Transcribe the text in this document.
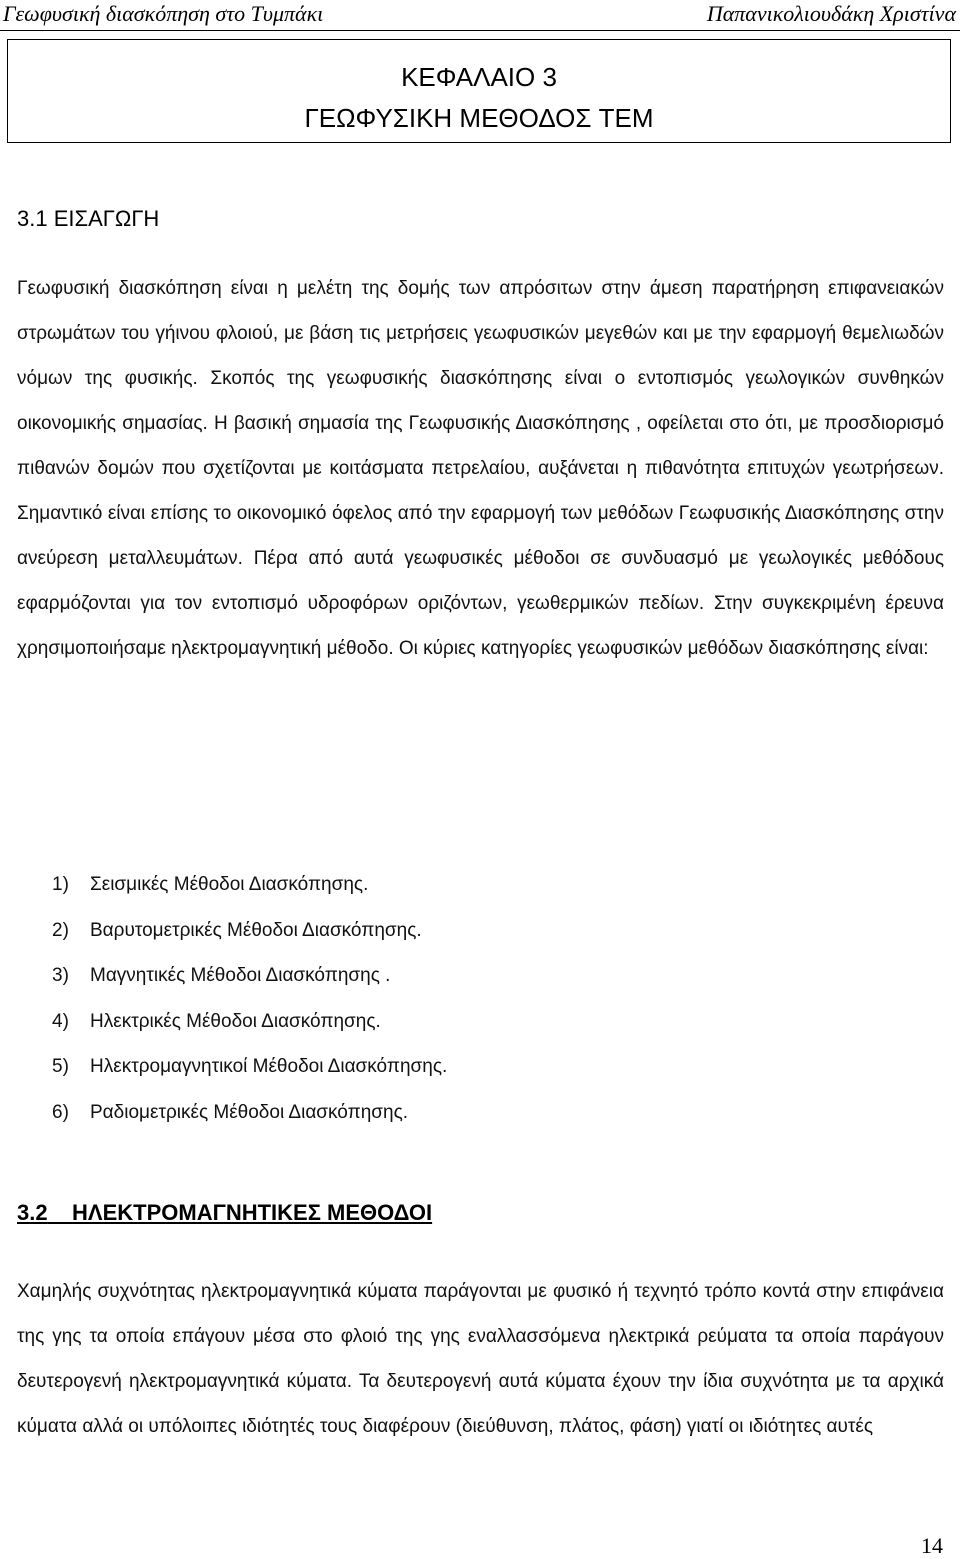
Γεωφυσική διασκόπηση στο Τυμπάκι	Παπανικολιουδάκη Χριστίνα
ΚΕΦΑΛΑΙΟ 3
ΓΕΩΦΥΣΙΚΗ ΜΕΘΟΔΟΣ TEM
3.1 ΕΙΣΑΓΩΓΗ
Γεωφυσική διασκόπηση είναι η μελέτη της δομής των απρόσιτων στην άμεση παρατήρηση επιφανειακών στρωμάτων του γήινου φλοιού, με βάση τις μετρήσεις γεωφυσικών μεγεθών και με την εφαρμογή θεμελιωδών νόμων της φυσικής. Σκοπός της γεωφυσικής διασκόπησης είναι ο εντοπισμός γεωλογικών συνθηκών οικονομικής σημασίας. Η βασική σημασία της Γεωφυσικής Διασκόπησης , οφείλεται στο ότι, με προσδιορισμό πιθανών δομών που σχετίζονται με κοιτάσματα πετρελαίου, αυξάνεται η πιθανότητα επιτυχών γεωτρήσεων. Σημαντικό είναι επίσης το οικονομικό όφελος από την εφαρμογή των μεθόδων Γεωφυσικής Διασκόπησης στην ανεύρεση μεταλλευμάτων. Πέρα από αυτά γεωφυσικές μέθοδοι σε συνδυασμό με γεωλογικές μεθόδους εφαρμόζονται για τον εντοπισμό υδροφόρων οριζόντων, γεωθερμικών πεδίων. Στην συγκεκριμένη έρευνα χρησιμοποιήσαμε ηλεκτρομαγνητική μέθοδο. Οι κύριες κατηγορίες γεωφυσικών μεθόδων διασκόπησης είναι:
1) Σεισμικές Μέθοδοι Διασκόπησης.
2) Βαρυτομετρικές Μέθοδοι Διασκόπησης.
3) Μαγνητικές Μέθοδοι Διασκόπησης .
4) Ηλεκτρικές Μέθοδοι Διασκόπησης.
5) Ηλεκτρομαγνητικοί Μέθοδοι Διασκόπησης.
6) Ραδιομετρικές Μέθοδοι Διασκόπησης.
3.2 ΗΛΕΚΤΡΟΜΑΓΝΗΤΙΚΕΣ ΜΕΘΟΔΟΙ
Χαμηλής συχνότητας ηλεκτρομαγνητικά κύματα παράγονται με φυσικό ή τεχνητό τρόπο κοντά στην επιφάνεια της γης τα οποία επάγουν μέσα στο φλοιό της γης εναλλασσόμενα ηλεκτρικά ρεύματα τα οποία παράγουν δευτερογενή ηλεκτρομαγνητικά κύματα. Τα δευτερογενή αυτά κύματα έχουν την ίδια συχνότητα με τα αρχικά κύματα αλλά οι υπόλοιπες ιδιότητές τους διαφέρουν (διεύθυνση, πλάτος, φάση) γιατί οι ιδιότητες αυτές
14
